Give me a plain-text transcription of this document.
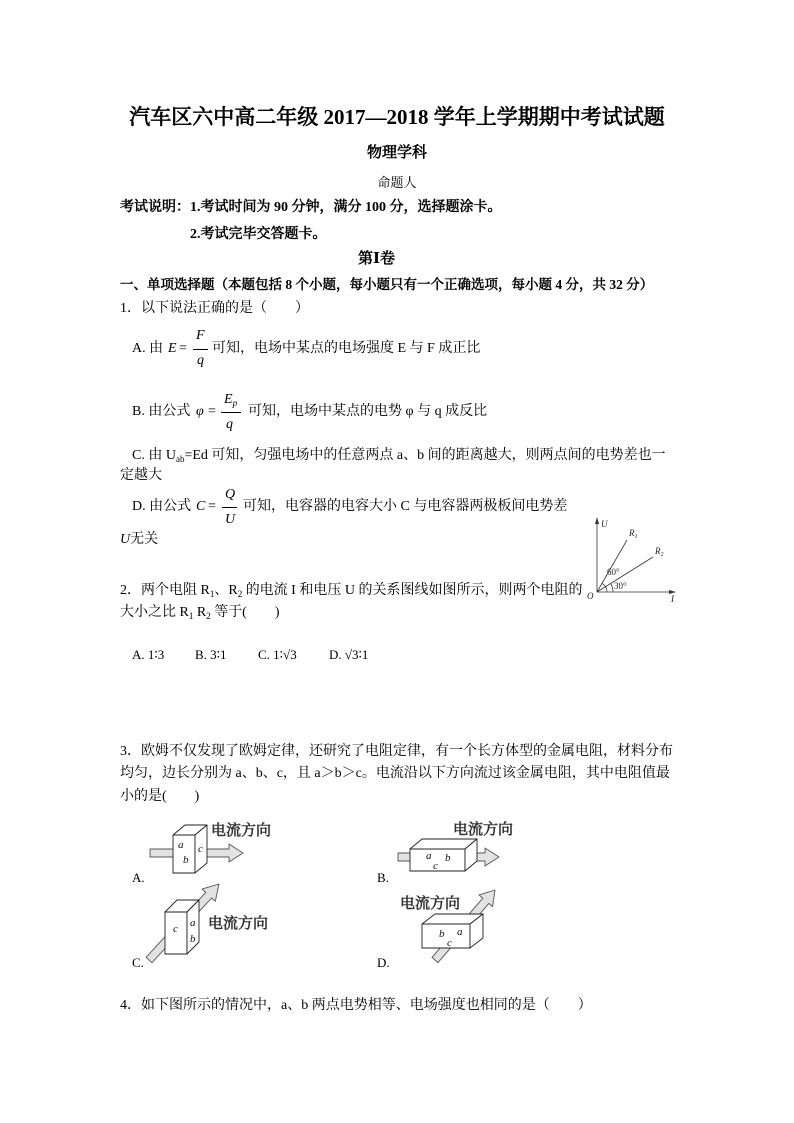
汽车区六中高二年级 2017—2018 学年上学期期中考试试题
物理学科
命题人
考试说明：1.考试时间为 90 分钟，满分 100 分，选择题涂卡。
2.考试完毕交答题卡。
第Ⅰ卷
一、单项选择题（本题包括 8 个小题，每小题只有一个正确选项，每小题 4 分，共 32 分）
1．以下说法正确的是（　　）
A. 由 E =
F
q
可知，电场中某点的电场强度 E 与 F 成正比
B. 由公式 φ =
$E_p$
q
可知，电场中某点的电势 φ 与 q 成反比
C. 由 $U_{ab}=Ed$ 可知，匀强电场中的任意两点 a、b 间的距离越大，则两点间的电势差也一
定越大
D. 由公式 C =
Q
U
可知，电容器的电容大小 C 与电容器两极板间电势差
U无关
U
O	I
$R_1$
$R_2$
60°
30°
2．两个电阻 $R_1$、$R_2$ 的电流 I 和电压 U 的关系图线如图所示，则两个电阻的
大小之比 $R_1$ $R_2$ 等于(　　)
A. 1∶3 B. 3∶1 C. 1∶√3 D. √3∶1
3．欧姆不仅发现了欧姆定律，还研究了电阻定律，有一个长方体型的金属电阻，材料分布
均匀，边长分别为 a、b、c，且 a＞b＞c。电流沿以下方向流过该金属电阻，其中电阻值最
小的是(　　)
a
b
c
电流方向
A.
a b
c
电流方向
B.
c a
b
电流方向
C.
b a
c
电流方向
D.
4．如下图所示的情况中，a、b 两点电势相等、电场强度也相同的是（　　）
